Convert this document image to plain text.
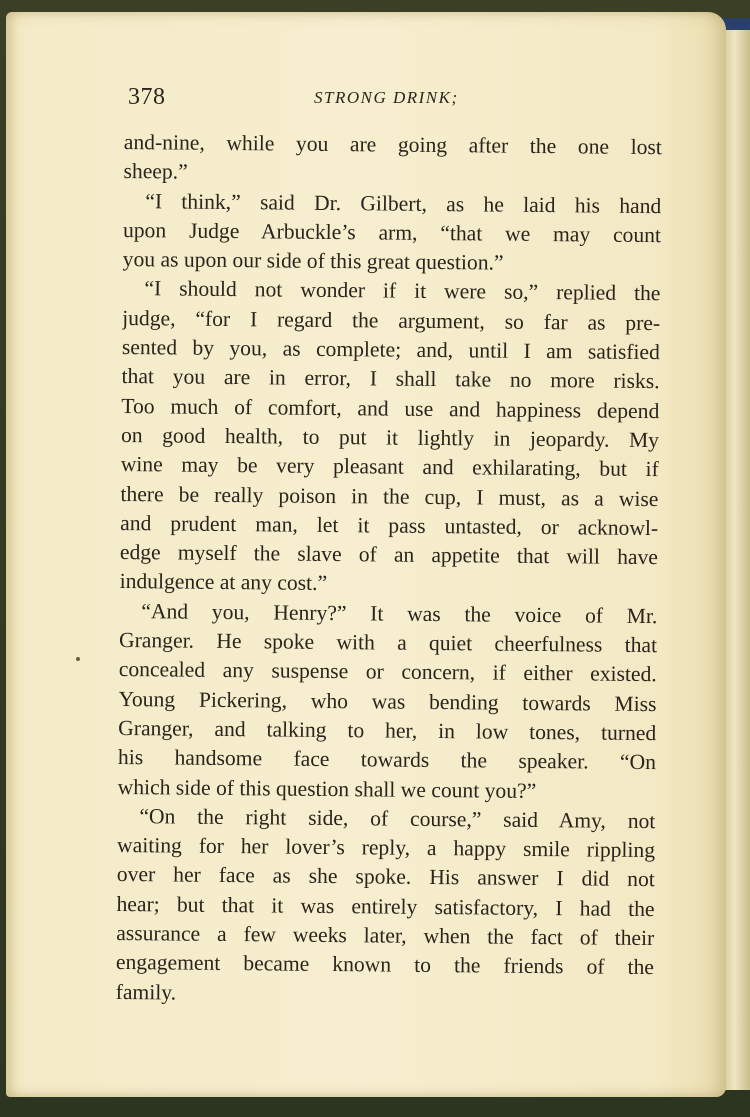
378	STRONG DRINK;
and-nine, while you are going after the one lost
sheep.”
“I think,” said Dr. Gilbert, as he laid his hand
upon Judge Arbuckle’s arm, “that we may count
you as upon our side of this great question.”
“I should not wonder if it were so,” replied the
judge, “for I regard the argument, so far as pre-
sented by you, as complete; and, until I am satisfied
that you are in error, I shall take no more risks.
Too much of comfort, and use and happiness depend
on good health, to put it lightly in jeopardy. My
wine may be very pleasant and exhilarating, but if
there be really poison in the cup, I must, as a wise
and prudent man, let it pass untasted, or acknowl-
edge myself the slave of an appetite that will have
indulgence at any cost.”
“And you, Henry?” It was the voice of Mr.
Granger. He spoke with a quiet cheerfulness that
concealed any suspense or concern, if either existed.
Young Pickering, who was bending towards Miss
Granger, and talking to her, in low tones, turned
his handsome face towards the speaker. “On
which side of this question shall we count you?”
“On the right side, of course,” said Amy, not
waiting for her lover’s reply, a happy smile rippling
over her face as she spoke. His answer I did not
hear; but that it was entirely satisfactory, I had the
assurance a few weeks later, when the fact of their
engagement became known to the friends of the
family.
